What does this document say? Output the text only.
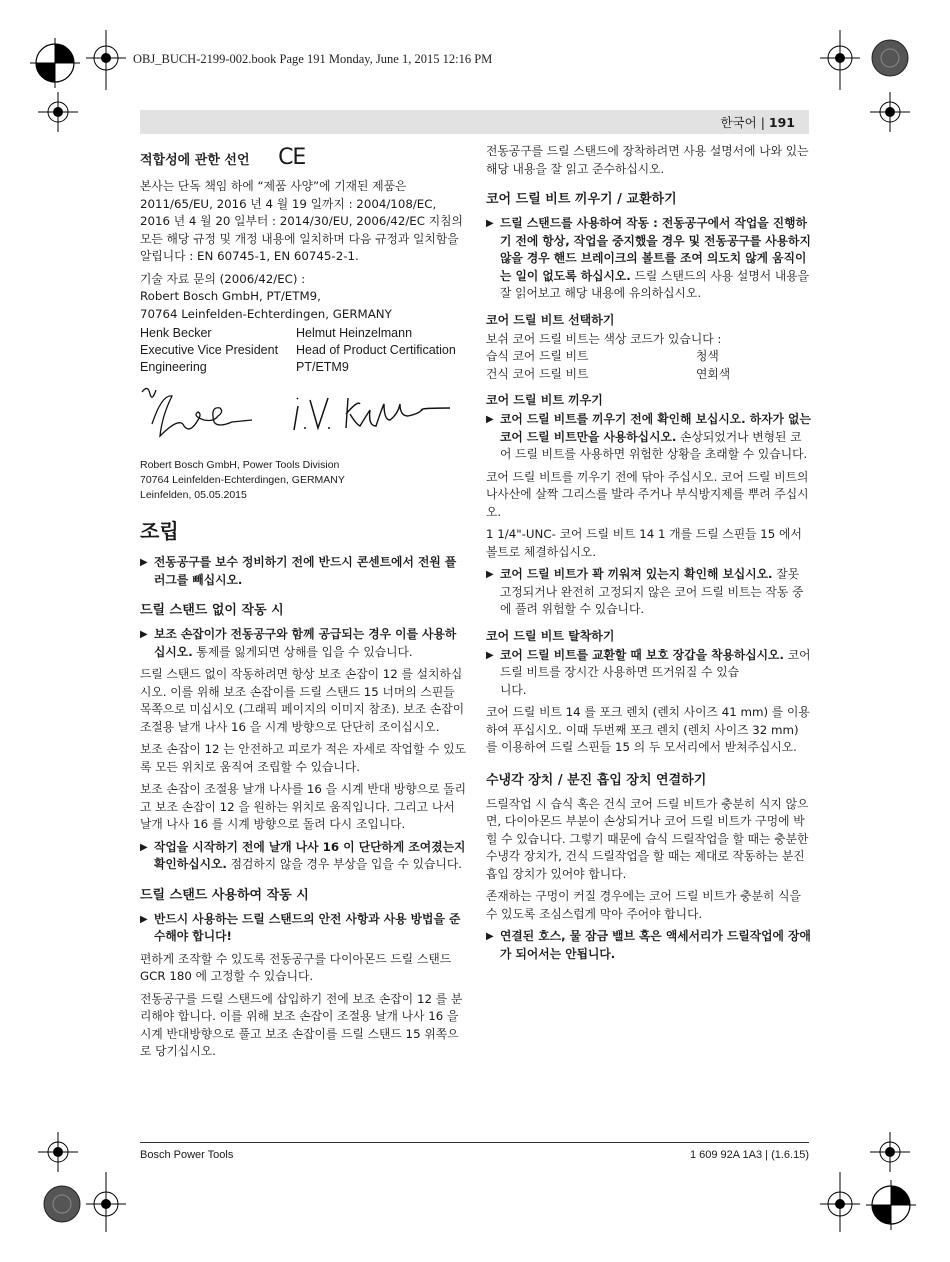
OBJ_BUCH-2199-002.book Page 191 Monday, June 1, 2015 12:16 PM
한국어 | 191
적합성에 관한 선언 CE

본사는 단독 책임 하에 “제품 사양”에 기재된 제품은 2011/65/EU, 2016 년 4 월 19 일까지 : 2004/108/EC, 2016 년 4 월 20 일부터 : 2014/30/EU, 2006/42/EC 지침의 모든 해당 규정 및 개정 내용에 일치하며 다음 규정과 일치함을 알립니다 : EN 60745-1, EN 60745-2-1.

기술 자료 문의 (2006/42/EC) :

Robert Bosch GmbH, PT/ETM9,

70764 Leinfelden-Echterdingen, GERMANY

Henk Becker	Helmut Heinzelmann
Executive Vice President	Head of Product Certification
Engineering	PT/ETM9
Robert Bosch GmbH, Power Tools Division
70764 Leinfelden-Echterdingen, GERMANY
Leinfelden, 05.05.2015
조립
▶ 전동공구를 보수 정비하기 전에 반드시 콘센트에서 전원 플러그를 빼십시오.
드릴 스탠드 없이 작동 시
▶ 보조 손잡이가 전동공구와 함께 공급되는 경우 이를 사용하십시오. 통제를 잃게되면 상해를 입을 수 있습니다.

드릴 스탠드 없이 작동하려면 항상 보조 손잡이 12 를 설치하십시오. 이를 위해 보조 손잡이를 드릴 스탠드 15 너머의 스핀들 목쪽으로 미십시오 (그래픽 페이지의 이미지 참조). 보조 손잡이 조절용 날개 나사 16 을 시계 방향으로 단단히 조이십시오.

보조 손잡이 12 는 안전하고 피로가 적은 자세로 작업할 수 있도록 모든 위치로 움직여 조립할 수 있습니다.

보조 손잡이 조절용 날개 나사를 16 을 시계 반대 방향으로 돌리고 보조 손잡이 12 을 원하는 위치로 움직입니다. 그리고 나서 날개 나사 16 를 시계 방향으로 돌려 다시 조입니다.

▶ 작업을 시작하기 전에 날개 나사 16 이 단단하게 조여졌는지 확인하십시오. 점검하지 않을 경우 부상을 입을 수 있습니다.
드릴 스탠드 사용하여 작동 시
▶ 반드시 사용하는 드릴 스탠드의 안전 사항과 사용 방법을 준수해야 합니다!

편하게 조작할 수 있도록 전동공구를 다이아몬드 드릴 스탠드 GCR 180 에 고정할 수 있습니다.

전동공구를 드릴 스탠드에 삽입하기 전에 보조 손잡이 12 를 분리해야 합니다. 이를 위해 보조 손잡이 조절용 날개 나사 16 을 시계 반대방향으로 풀고 보조 손잡이를 드릴 스탠드 15 위쪽으로 당기십시오.

전동공구를 드릴 스탠드에 장착하려면 사용 설명서에 나와 있는 해당 내용을 잘 읽고 준수하십시오.

코어 드릴 비트 끼우기 / 교환하기
▶ 드릴 스탠드를 사용하여 작동 : 전동공구에서 작업을 진행하기 전에 항상, 작업을 중지했을 경우 및 전동공구를 사용하지 않을 경우 핸드 브레이크의 볼트를 조여 의도치 않게 움직이는 일이 없도록 하십시오. 드릴 스탠드의 사용 설명서 내용을 잘 읽어보고 해당 내용에 유의하십시오.
코어 드릴 비트 선택하기

보쉬 코어 드릴 비트는 색상 코드가 있습니다 :

습식 코어 드릴 비트	청색
건식 코어 드릴 비트	연회색
코어 드릴 비트 끼우기
▶ 코어 드릴 비트를 끼우기 전에 확인해 보십시오. 하자가 없는 코어 드릴 비트만을 사용하십시오. 손상되었거나 변형된 코어 드릴 비트를 사용하면 위험한 상황을 초래할 수 있습니다.

코어 드릴 비트를 끼우기 전에 닦아 주십시오. 코어 드릴 비트의 나사산에 살짝 그리스를 발라 주거나 부식방지제를 뿌려 주십시오.

1 1/4"-UNC- 코어 드릴 비트 14 1 개를 드릴 스핀들 15 에서 볼트로 체결하십시오.

▶ 코어 드릴 비트가 꽉 끼워져 있는지 확인해 보십시오. 잘못 고정되거나 완전히 고정되지 않은 코어 드릴 비트는 작동 중에 풀려 위험할 수 있습니다.
코어 드릴 비트 탈착하기
▶ 코어 드릴 비트를 교환할 때 보호 장갑을 착용하십시오. 코어 드릴 비트를 장시간 사용하면 뜨거워질 수 있습
니다.

코어 드릴 비트 14 를 포크 렌치 (렌치 사이즈 41 mm) 를 이용하여 푸십시오. 이때 두번째 포크 렌치 (렌치 사이즈 32 mm) 를 이용하여 드릴 스핀들 15 의 두 모서리에서 받쳐주십시오.

수냉각 장치 / 분진 흡입 장치 연결하기

드릴작업 시 습식 혹은 건식 코어 드릴 비트가 충분히 식지 않으면, 다이아몬드 부분이 손상되거나 코어 드릴 비트가 구멍에 박힐 수 있습니다. 그렇기 때문에 습식 드릴작업을 할 때는 충분한 수냉각 장치가, 건식 드릴작업을 할 때는 제대로 작동하는 분진 흡입 장치가 있어야 합니다.

존재하는 구멍이 커질 경우에는 코어 드릴 비트가 충분히 식을 수 있도록 조심스럽게 막아 주어야 합니다.

▶ 연결된 호스, 물 잠금 밸브 혹은 액세서리가 드릴작업에 장애가 되어서는 안됩니다.
Bosch Power Tools	1 609 92A 1A3 | (1.6.15)
